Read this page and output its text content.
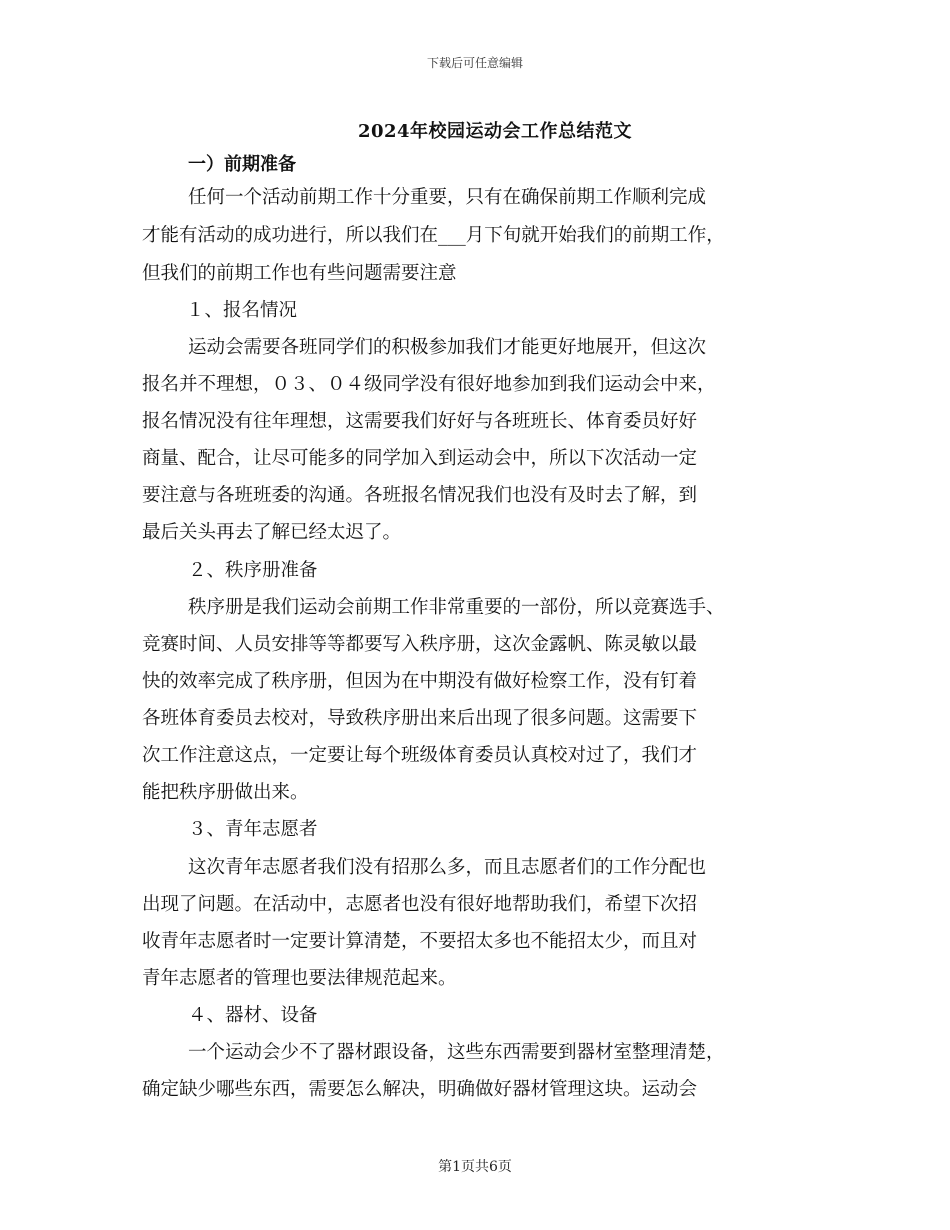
下载后可任意编辑
2024年校园运动会工作总结范文
一）前期准备
任何一个活动前期工作十分重要，只有在确保前期工作顺利完成
才能有活动的成功进行，所以我们在___月下旬就开始我们的前期工作，
但我们的前期工作也有些问题需要注意
１、报名情况
运动会需要各班同学们的积极参加我们才能更好地展开，但这次
报名并不理想，０３、０４级同学没有很好地参加到我们运动会中来，
报名情况没有往年理想，这需要我们好好与各班班长、体育委员好好
商量、配合，让尽可能多的同学加入到运动会中，所以下次活动一定
要注意与各班班委的沟通。各班报名情况我们也没有及时去了解，到
最后关头再去了解已经太迟了。
２、秩序册准备
秩序册是我们运动会前期工作非常重要的一部份，所以竞赛选手、
竞赛时间、人员安排等等都要写入秩序册，这次金露帆、陈灵敏以最
快的效率完成了秩序册，但因为在中期没有做好检察工作，没有钉着
各班体育委员去校对，导致秩序册出来后出现了很多问题。这需要下
次工作注意这点，一定要让每个班级体育委员认真校对过了，我们才
能把秩序册做出来。
３、青年志愿者
这次青年志愿者我们没有招那么多，而且志愿者们的工作分配也
出现了问题。在活动中，志愿者也没有很好地帮助我们，希望下次招
收青年志愿者时一定要计算清楚，不要招太多也不能招太少，而且对
青年志愿者的管理也要法律规范起来。
４、器材、设备
一个运动会少不了器材跟设备，这些东西需要到器材室整理清楚，
确定缺少哪些东西，需要怎么解决，明确做好器材管理这块。运动会
第1页共6页
